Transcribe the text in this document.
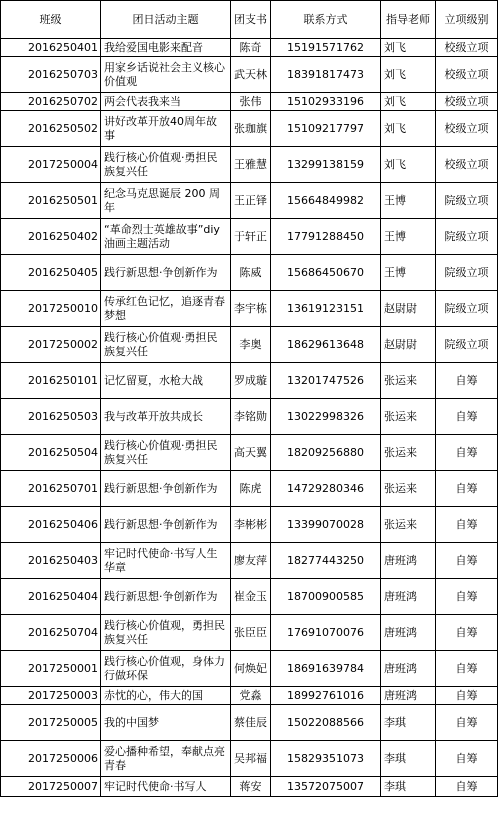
班级	团日活动主题	团支书	联系方式	指导老师	立项级别
2016250401	我给爱国电影来配音	陈奇	15191571762	刘飞	校级立项
2016250703	用家乡话说社会主义核心价值观	武天林	18391817473	刘飞	校级立项
2016250702	两会代表我来当	张伟	15102933196	刘飞	校级立项
2016250502	讲好改革开放40周年故事	张珈旗	15109217797	刘飞	校级立项
2017250004	践行核心价值观·勇担民族复兴任	王雅慧	13299138159	刘飞	校级立项
2016250501	纪念马克思诞辰 200 周年	王正铎	15664849982	王博	院级立项
2016250402	“革命烈士英雄故事”diy 油画主题活动	于轩正	17791288450	王博	院级立项
2016250405	践行新思想·争创新作为	陈威	15686450670	王博	院级立项
2017250010	传承红色记忆，追逐青春梦想	李宇栋	13619123151	赵尉尉	院级立项
2017250002	践行核心价值观·勇担民族复兴任	李奥	18629613648	赵尉尉	院级立项
2016250101	记忆留夏，水枪大战	罗成璇	13201747526	张运来	自筹
2016250503	我与改革开放共成长	李铭勋	13022998326	张运来	自筹
2016250504	践行核心价值观·勇担民族复兴任	高天翼	18209256880	张运来	自筹
2016250701	践行新思想·争创新作为	陈虎	14729280346	张运来	自筹
2016250406	践行新思想·争创新作为	李彬彬	13399070028	张运来	自筹
2016250403	牢记时代使命·书写人生华章	廖友萍	18277443250	唐班鸿	自筹
2016250404	践行新思想·争创新作为	崔金玉	18700900585	唐班鸿	自筹
2016250704	践行核心价值观，勇担民族复兴任	张臣臣	17691070076	唐班鸿	自筹
2017250001	践行核心价值观，身体力行做环保	何焕妃	18691639784	唐班鸿	自筹
2017250003	赤忱的心，伟大的国	党淼	18992761016	唐班鸿	自筹
2017250005	我的中国梦	蔡佳辰	15022088566	李琪	自筹
2017250006	爱心播种希望，奉献点亮青春	吴邦福	15829351073	李琪	自筹
2017250007	牢记时代使命·书写人	蒋安	13572075007	李琪	自筹
